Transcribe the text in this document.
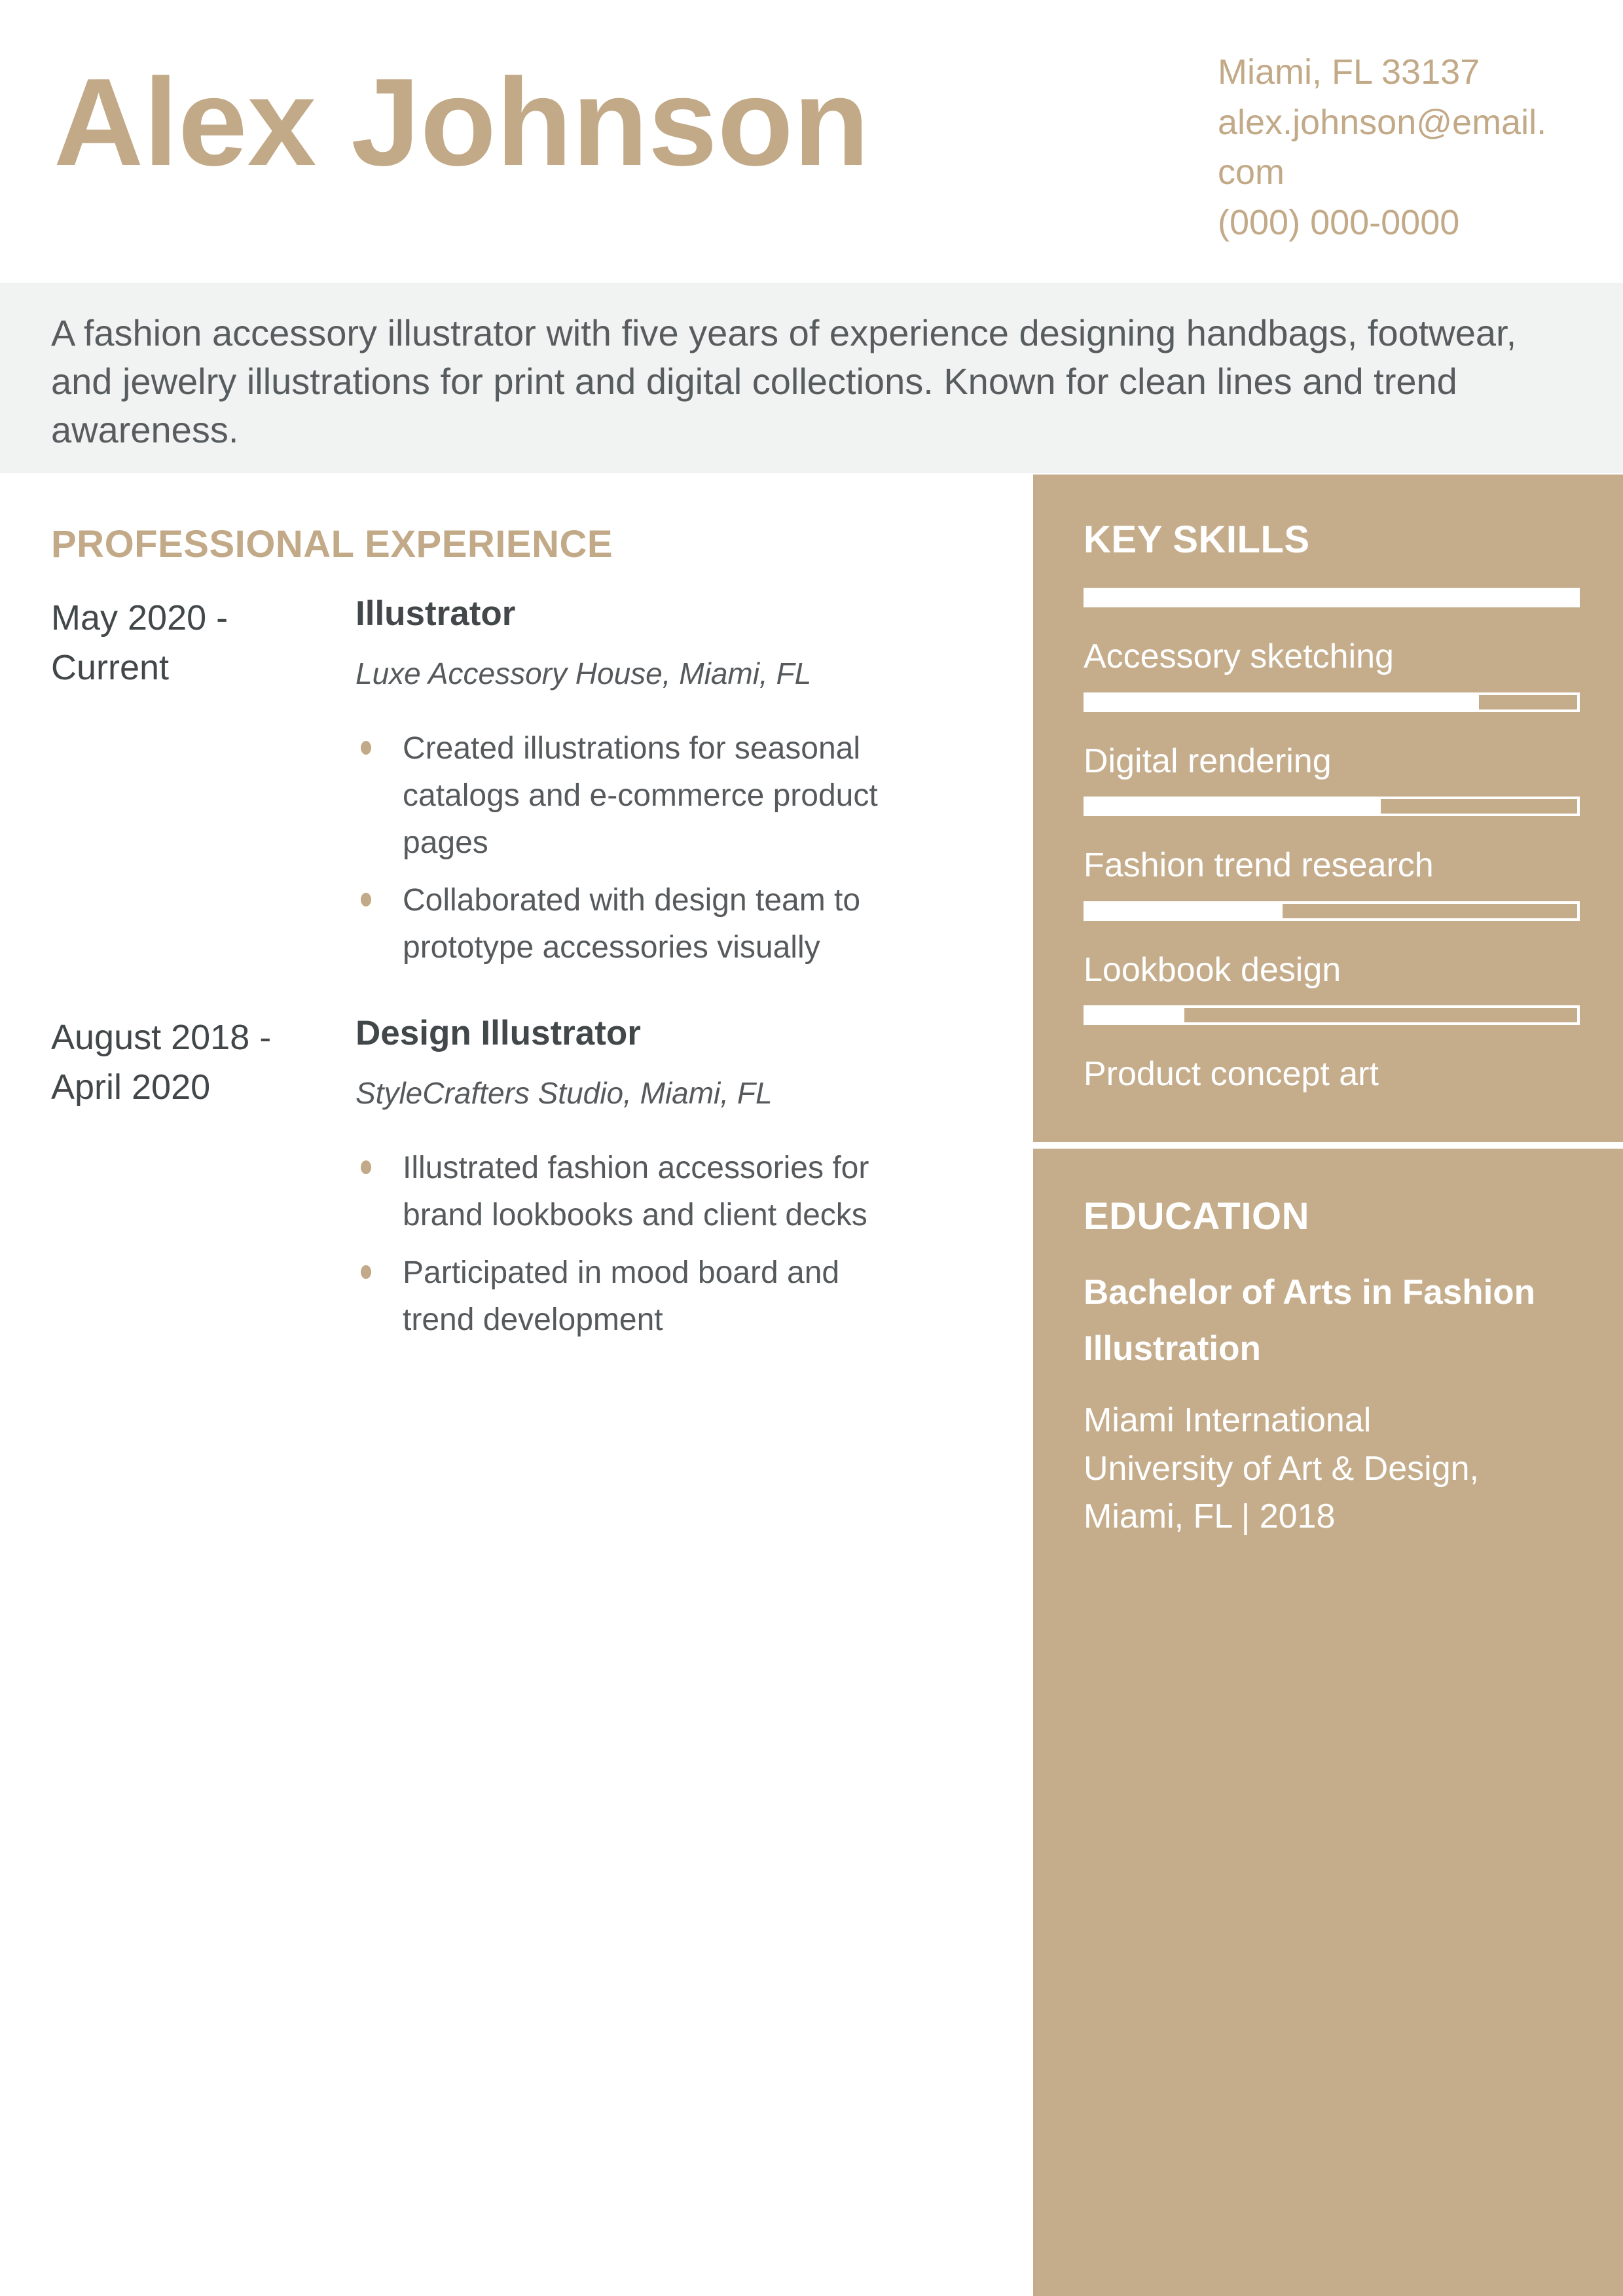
Alex Johnson	Miami, FL 33137
alex.johnson@email.com
(000) 000-0000

A fashion accessory illustrator with five years of experience designing handbags, footwear, and jewelry illustrations for print and digital collections. Known for clean lines and trend awareness.

PROFESSIONAL EXPERIENCE
May 2020 - Current
Illustrator
Luxe Accessory House, Miami, FL
Created illustrations for seasonal catalogs and e-commerce product pages
Collaborated with design team to prototype accessories visually
August 2018 - April 2020
Design Illustrator
StyleCrafters Studio, Miami, FL
Illustrated fashion accessories for brand lookbooks and client decks
Participated in mood board and trend development
KEY SKILLS
Accessory sketching
Digital rendering
Fashion trend research
Lookbook design
Product concept art
EDUCATION
Bachelor of Arts in Fashion Illustration
Miami International University of Art & Design, Miami, FL | 2018
